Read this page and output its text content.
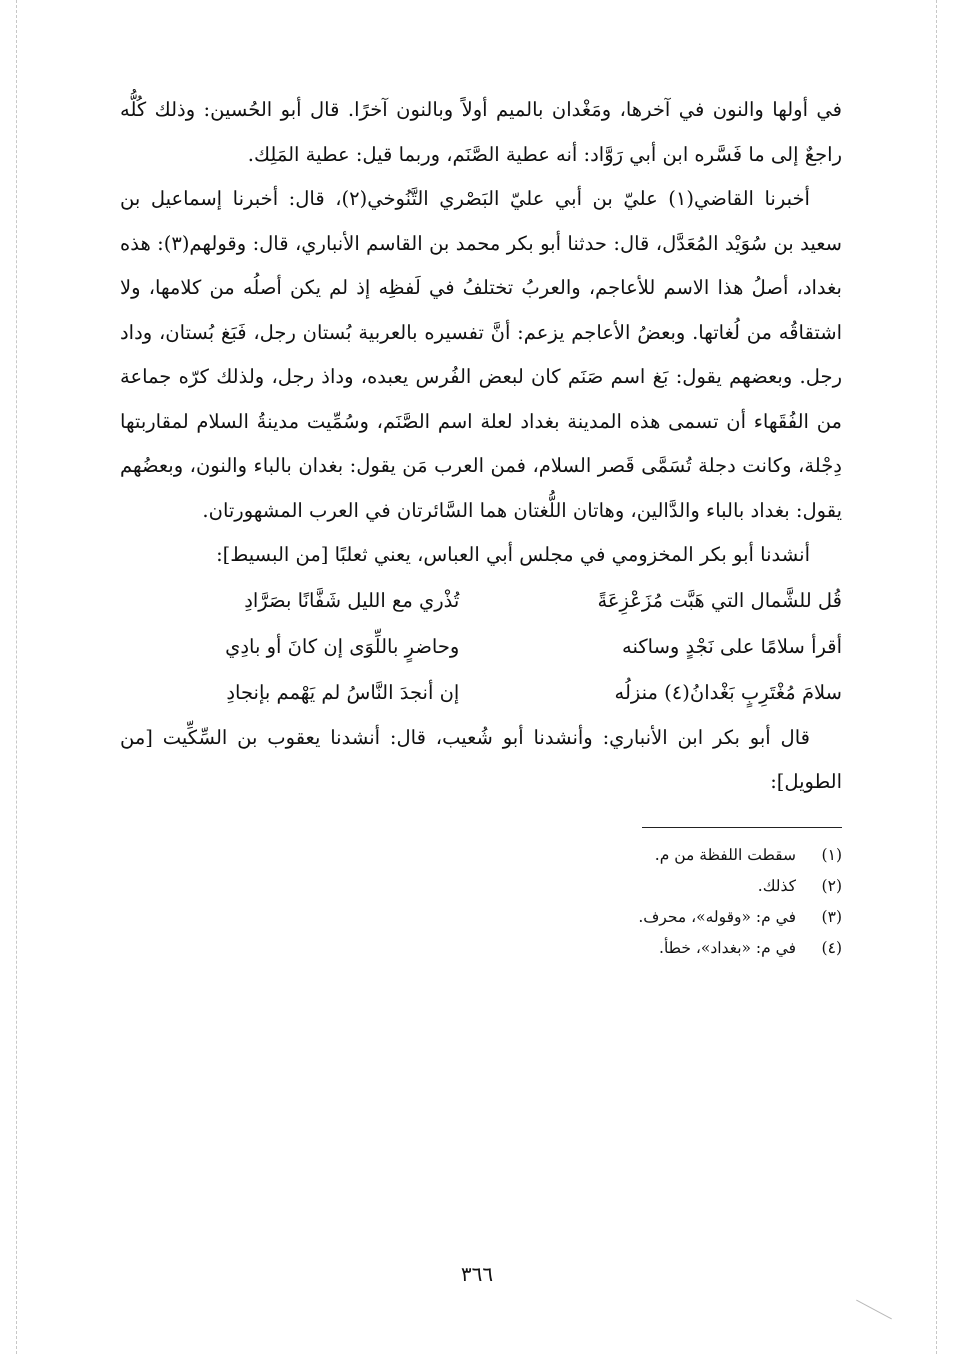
في أولها والنون في آخرها، ومَغْدان بالميم أولاً وبالنون آخرًا. قال أبو الحُسين: وذلك كُلُّه راجعٌ إلى ما فَسَّره ابن أبي رَوَّاد: أنه عطية الصَّنَم، وربما قيل: عطية المَلِك.

أخبرنا القاضي(١) عليّ بن أبي عليّ البَصْري التَّنُوخي(٢)، قال: أخبرنا إسماعيل بن سعيد بن سُوَيْد المُعَدَّل، قال: حدثنا أبو بكر محمد بن القاسم الأنباري، قال: وقولهم(٣): هذه بغداد، أصلُ هذا الاسم للأعاجم، والعربُ تختلفُ في لَفظِه إذ لم يكن أصلُه من كلامها، ولا اشتقاقُه من لُغاتها. وبعضُ الأعاجم يزعم: أنَّ تفسيره بالعربية بُستان رجل، فَبَغ بُستان، وداد رجل. وبعضهم يقول: بَغ اسم صَنَم كان لبعض الفُرس يعبده، وداذ رجل، ولذلك كرّه جماعة من الفُقَهاء أن تسمى هذه المدينة بغداد لعلة اسم الصَّنَم، وسُمِّيت مدينةُ السلام لمقاربتها دِجْلة، وكانت دجلة تُسَمَّى قَصر السلام، فمن العرب مَن يقول: بغدان بالباء والنون، وبعضُهم يقول: بغداد بالباء والدَّالين، وهاتان اللُّغتان هما السَّائرتان في العرب المشهورتان.

أنشدنا أبو بكر المخزومي في مجلس أبي العباس، يعني ثعلبًا [من البسيط]:

قُل للشَّمال التي هَبَّت مُزَعْزِعَةً
تُذْري مع الليل شَفَّانًا بصَرَّادِ
أقرأ سلامًا على نَجْدٍ وساكنه
وحاضرٍ باللِّوَى إن كانَ أو بادِي
سلامَ مُغْتَرِبٍ بَغْدانُ(٤) منزلُه
إن أنجدَ النَّاسُ لم يَهْمم بإنجادِ

قال أبو بكر ابن الأنباري: وأنشدنا أبو شُعيب، قال: أنشدنا يعقوب بن السِّكِّيت [من الطويل]:

(١)
سقطت اللفظة من م.
(٢)
كذلك.
(٣)
في م: «وقوله»، محرف.
(٤)
في م: «بغداد»، خطأ.
٣٦٦
